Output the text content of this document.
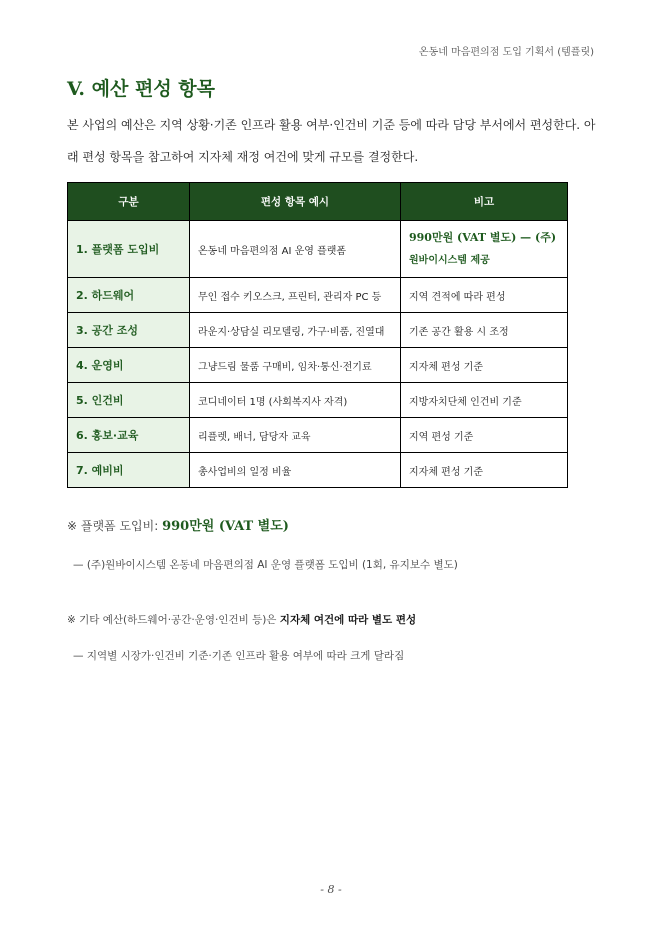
온동네 마음편의점 도입 기획서 (템플릿)
V. 예산 편성 항목

본 사업의 예산은 지역 상황·기존 인프라 활용 여부·인건비 기준 등에 따라 담당 부서에서 편성한다. 아래 편성 항목을 참고하여 지자체 재정 여건에 맞게 규모를 결정한다.

구분	편성 항목 예시	비고
1. 플랫폼 도입비	온동네 마음편의점 AI 운영 플랫폼	990만원 (VAT 별도) — (주)
원바이시스템 제공
2. 하드웨어	무인 접수 키오스크, 프린터, 관리자 PC 등	지역 견적에 따라 편성
3. 공간 조성	라운지·상담실 리모델링, 가구·비품, 진열대	기존 공간 활용 시 조정
4. 운영비	그냥드림 물품 구매비, 임차·통신·전기료	지자체 편성 기준
5. 인건비	코디네이터 1명 (사회복지사 자격)	지방자치단체 인건비 기준
6. 홍보·교육	리플렛, 배너, 담당자 교육	지역 편성 기준
7. 예비비	총사업비의 일정 비율	지자체 편성 기준

※ 플랫폼 도입비: 990만원 (VAT 별도)

— (주)원바이시스템 온동네 마음편의점 AI 운영 플랫폼 도입비 (1회, 유지보수 별도)

※ 기타 예산(하드웨어·공간·운영·인건비 등)은 지자체 여건에 따라 별도 편성

— 지역별 시장가·인건비 기준·기존 인프라 활용 여부에 따라 크게 달라짐

- 8 -
